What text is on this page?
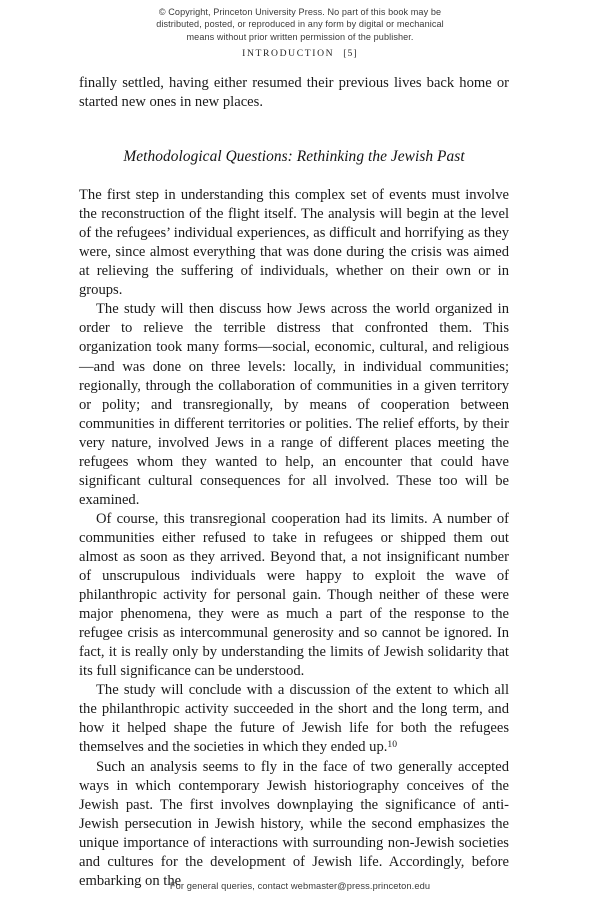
© Copyright, Princeton University Press. No part of this book may be
distributed, posted, or reproduced in any form by digital or mechanical
means without prior written permission of the publisher.
INTRODUCTION [5]

finally settled, having either resumed their previous lives back home or started new ones in new places.

Methodological Questions: Rethinking the Jewish Past

The first step in understanding this complex set of events must involve the reconstruction of the flight itself. The analysis will begin at the level of the refugees’ individual experiences, as difficult and horrifying as they were, since almost everything that was done during the crisis was aimed at relieving the suffering of individuals, whether on their own or in groups.

The study will then discuss how Jews across the world organized in order to relieve the terrible distress that confronted them. This organization took many forms—social, economic, cultural, and religious—and was done on three levels: locally, in individual communities; regionally, through the collaboration of communities in a given territory or polity; and transregionally, by means of cooperation between communities in different territories or polities. The relief efforts, by their very nature, involved Jews in a range of different places meeting the refugees whom they wanted to help, an encounter that could have significant cultural consequences for all involved. These too will be examined.

Of course, this transregional cooperation had its limits. A number of communities either refused to take in refugees or shipped them out almost as soon as they arrived. Beyond that, a not insignificant number of unscrupulous individuals were happy to exploit the wave of philanthropic activity for personal gain. Though neither of these were major phenomena, they were as much a part of the response to the refugee crisis as intercommunal generosity and so cannot be ignored. In fact, it is really only by understanding the limits of Jewish solidarity that its full significance can be understood.

The study will conclude with a discussion of the extent to which all the philanthropic activity succeeded in the short and the long term, and how it helped shape the future of Jewish life for both the refugees themselves and the societies in which they ended up.$^{10}$

Such an analysis seems to fly in the face of two generally accepted ways in which contemporary Jewish historiography conceives of the Jewish past. The first involves downplaying the significance of anti-Jewish persecution in Jewish history, while the second emphasizes the unique importance of interactions with surrounding non-Jewish societies and cultures for the development of Jewish life. Accordingly, before embarking on the

For general queries, contact webmaster@press.princeton.edu
